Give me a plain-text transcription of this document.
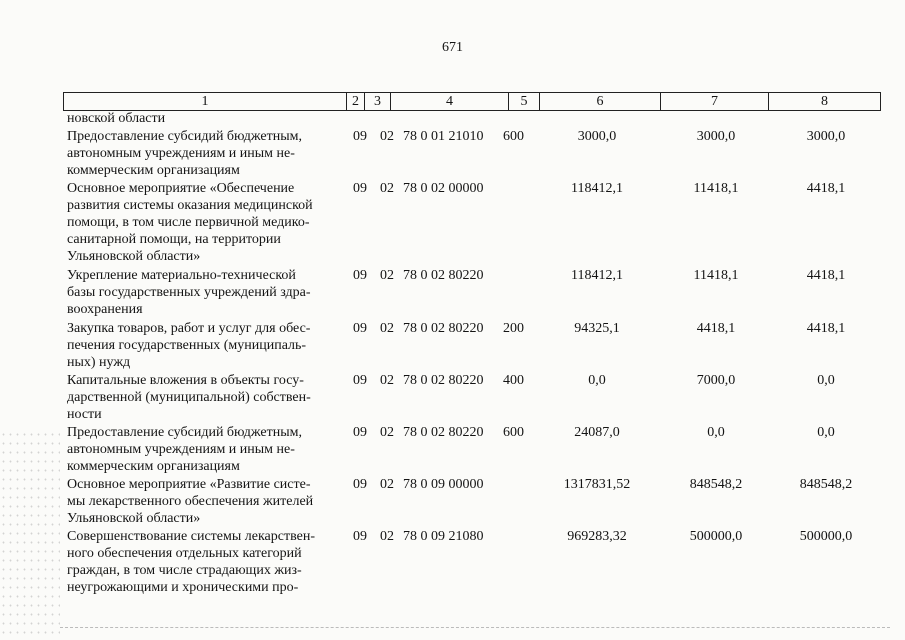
671
1	2	3	4	5	6	7	8
новской области
Предоставление субсидий бюджетным,
автономным учреждениям и иным не-
коммерческим организациям
09 02 78 0 01 21010 600	3000,0	3000,0	3000,0
Основное мероприятие «Обеспечение
развития системы оказания медицинской
помощи, в том числе первичной медико-
санитарной помощи, на территории
Ульяновской области»
09 02 78 0 02 00000	118412,1	11418,1	4418,1
Укрепление материально-технической
базы государственных учреждений здра-
воохранения
09 02 78 0 02 80220	118412,1	11418,1	4418,1
Закупка товаров, работ и услуг для обес-
печения государственных (муниципаль-
ных) нужд
09 02 78 0 02 80220 200	94325,1	4418,1	4418,1
Капитальные вложения в объекты госу-
дарственной (муниципальной) собствен-
ности
09 02 78 0 02 80220 400	0,0	7000,0	0,0
Предоставление субсидий бюджетным,
автономным учреждениям и иным не-
коммерческим организациям
09 02 78 0 02 80220 600	24087,0	0,0	0,0
Основное мероприятие «Развитие систе-
мы лекарственного обеспечения жителей
Ульяновской области»
09 02 78 0 09 00000	1317831,52	848548,2	848548,2
Совершенствование системы лекарствен-
ного обеспечения отдельных категорий
граждан, в том числе страдающих жиз-
неугрожающими и хроническими про-
09 02 78 0 09 21080	969283,32	500000,0	500000,0
